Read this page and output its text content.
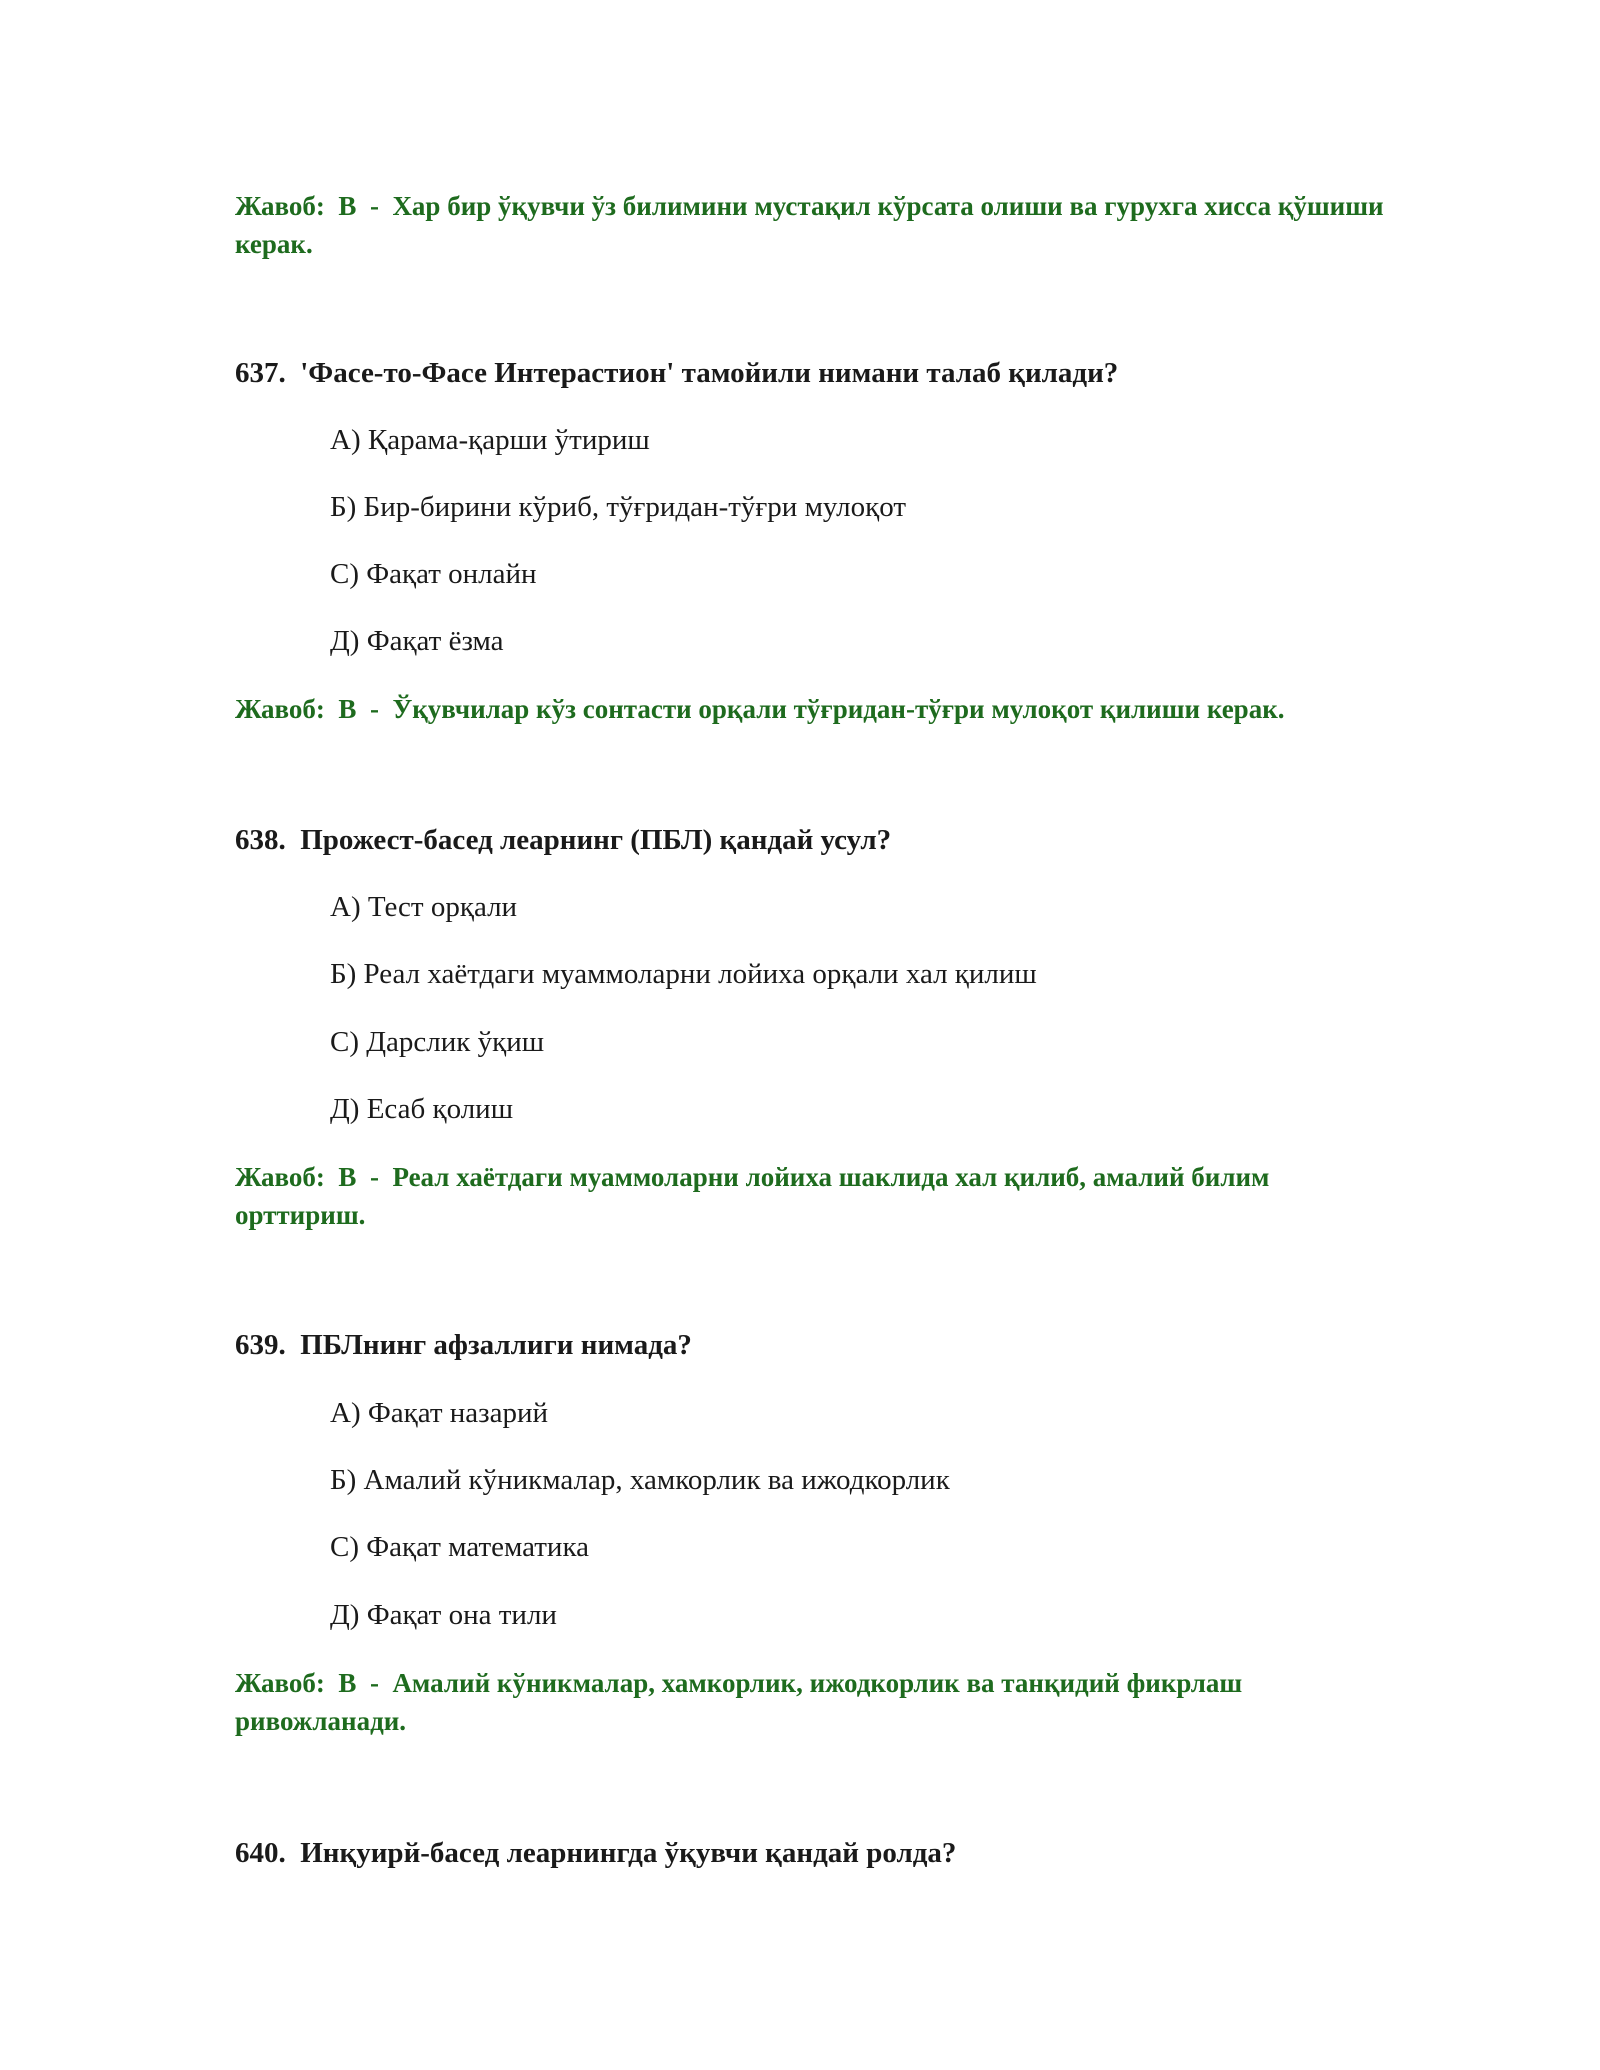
Жавоб: В - Хар бир ўқувчи ўз билимини мустақил кўрсата олиши ва гурухга хисса қўшиши керак.

637. 'Фасе-то-Фасе Интерастион' тамойили нимани талаб қилади?

А) Қарама-қарши ўтириш

Б) Бир-бирини кўриб, тўғридан-тўғри мулоқот

С) Фақат онлайн

Д) Фақат ёзма

Жавоб: В - Ўқувчилар кўз сонтасти орқали тўғридан-тўғри мулоқот қилиши керак.

638. Прожест-басед леарнинг (ПБЛ) қандай усул?

А) Тест орқали

Б) Реал хаётдаги муаммоларни лойиха орқали хал қилиш

С) Дарслик ўқиш

Д) Есаб қолиш

Жавоб: В - Реал хаётдаги муаммоларни лойиха шаклида хал қилиб, амалий билим орттириш.

639. ПБЛнинг афзаллиги нимада?

А) Фақат назарий

Б) Амалий кўникмалар, хамкорлик ва ижодкорлик

С) Фақат математика

Д) Фақат она тили

Жавоб: В - Амалий кўникмалар, хамкорлик, ижодкорлик ва танқидий фикрлаш ривожланади.

640. Инқуирй-басед леарнингда ўқувчи қандай ролда?
